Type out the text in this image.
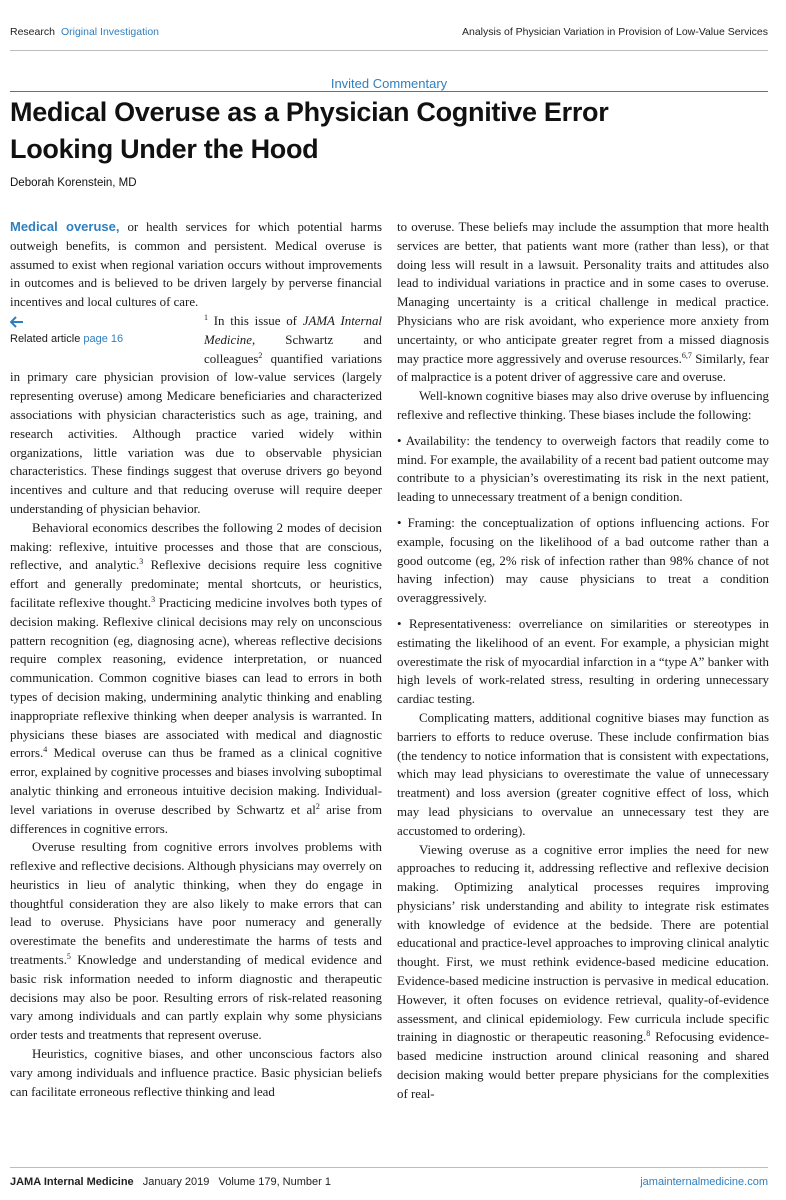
Research Original Investigation	Analysis of Physician Variation in Provision of Low-Value Services
Invited Commentary
Medical Overuse as a Physician Cognitive Error
Looking Under the Hood
Deborah Korenstein, MD

Medical overuse, or health services for which potential harms outweigh benefits, is common and persistent. Medical overuse is assumed to exist when regional variation occurs without improvements in outcomes and is believed to be driven largely by perverse financial incentives and local cultures of care.

Related article page 16

$^1$ In this issue of JAMA Internal Medicine, Schwartz and colleagues$^2$ quantified variations in primary care physician provision of low-value services (largely representing overuse) among Medicare beneficiaries and characterized associations with physician characteristics such as age, training, and research activities. Although practice varied widely within organizations, little variation was due to observable physician characteristics. These findings suggest that overuse drivers go beyond incentives and culture and that reducing overuse will require deeper understanding of physician behavior.

Behavioral economics describes the following 2 modes of decision making: reflexive, intuitive processes and those that are conscious, reflective, and analytic.$^3$ Reflexive decisions require less cognitive effort and generally predominate; mental shortcuts, or heuristics, facilitate reflexive thought.$^3$ Practicing medicine involves both types of decision making. Reflexive clinical decisions may rely on unconscious pattern recognition (eg, diagnosing acne), whereas reflective decisions require complex reasoning, evidence interpretation, or nuanced communication. Common cognitive biases can lead to errors in both types of decision making, undermining analytic thinking and enabling inappropriate reflexive thinking when deeper analysis is warranted. In physicians these biases are associated with medical and diagnostic errors.$^4$ Medical overuse can thus be framed as a clinical cognitive error, explained by cognitive processes and biases involving suboptimal analytic thinking and erroneous intuitive decision making. Individual-level variations in overuse described by Schwartz et $al^2$ arise from differences in cognitive errors.

Overuse resulting from cognitive errors involves problems with reflexive and reflective decisions. Although physicians may overrely on heuristics in lieu of analytic thinking, when they do engage in thoughtful consideration they are also likely to make errors that can lead to overuse. Physicians have poor numeracy and generally overestimate the benefits and underestimate the harms of tests and treatments.$^5$ Knowledge and understanding of medical evidence and basic risk information needed to inform diagnostic and therapeutic decisions may also be poor. Resulting errors of risk-related reasoning vary among individuals and can partly explain why some physicians order tests and treatments that represent overuse.

Heuristics, cognitive biases, and other unconscious factors also vary among individuals and influence practice. Basic physician beliefs can facilitate erroneous reflective thinking and lead

to overuse. These beliefs may include the assumption that more health services are better, that patients want more (rather than less), or that doing less will result in a lawsuit. Personality traits and attitudes also lead to individual variations in practice and in some cases to overuse. Managing uncertainty is a critical challenge in medical practice. Physicians who are risk avoidant, who experience more anxiety from uncertainty, or who anticipate greater regret from a missed diagnosis may practice more aggressively and overuse resources.$^{6,7}$ Similarly, fear of malpractice is a potent driver of aggressive care and overuse.

Well-known cognitive biases may also drive overuse by influencing reflexive and reflective thinking. These biases include the following:

• Availability: the tendency to overweigh factors that readily come to mind. For example, the availability of a recent bad patient outcome may contribute to a physician’s overestimating its risk in the next patient, leading to unnecessary treatment of a benign condition.

• Framing: the conceptualization of options influencing actions. For example, focusing on the likelihood of a bad outcome rather than a good outcome (eg, 2% risk of infection rather than 98% chance of not having infection) may cause physicians to treat a condition overaggressively.

• Representativeness: overreliance on similarities or stereotypes in estimating the likelihood of an event. For example, a physician might overestimate the risk of myocardial infarction in a “type A” banker with high levels of work-related stress, resulting in ordering unnecessary cardiac testing.

Complicating matters, additional cognitive biases may function as barriers to efforts to reduce overuse. These include confirmation bias (the tendency to notice information that is consistent with expectations, which may lead physicians to overestimate the value of unnecessary treatment) and loss aversion (greater cognitive effect of loss, which may lead physicians to overvalue an unnecessary test they are accustomed to ordering).

Viewing overuse as a cognitive error implies the need for new approaches to reducing it, addressing reflective and reflexive decision making. Optimizing analytical processes requires improving physicians’ risk understanding and ability to integrate risk estimates with knowledge of evidence at the bedside. There are potential educational and practice-level approaches to improving clinical analytic thought. First, we must rethink evidence-based medicine education. Evidence-based medicine instruction is pervasive in medical education. However, it often focuses on evidence retrieval, quality-of-evidence assessment, and clinical epidemiology. Few curricula include specific training in diagnostic or therapeutic reasoning.$^8$ Refocusing evidence-based medicine instruction around clinical reasoning and shared decision making would better prepare physicians for the complexities of real-

JAMA Internal Medicine January 2019 Volume 179, Number 1	jamainternalmedicine.com
